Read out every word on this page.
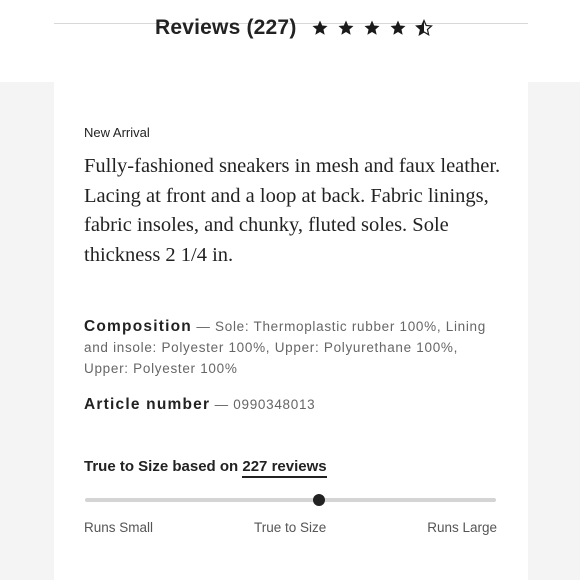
Reviews (227)
New Arrival

Fully-fashioned sneakers in mesh and faux leather. Lacing at front and a loop at back. Fabric linings, fabric insoles, and chunky, fluted soles. Sole thickness 2 1/4 in.

Composition — Sole: Thermoplastic rubber 100%, Lining and insole: Polyester 100%, Upper: Polyurethane 100%, Upper: Polyester 100%
Article number — 0990348013
True to Size based on 227 reviews
Runs Small	True to Size	Runs Large
